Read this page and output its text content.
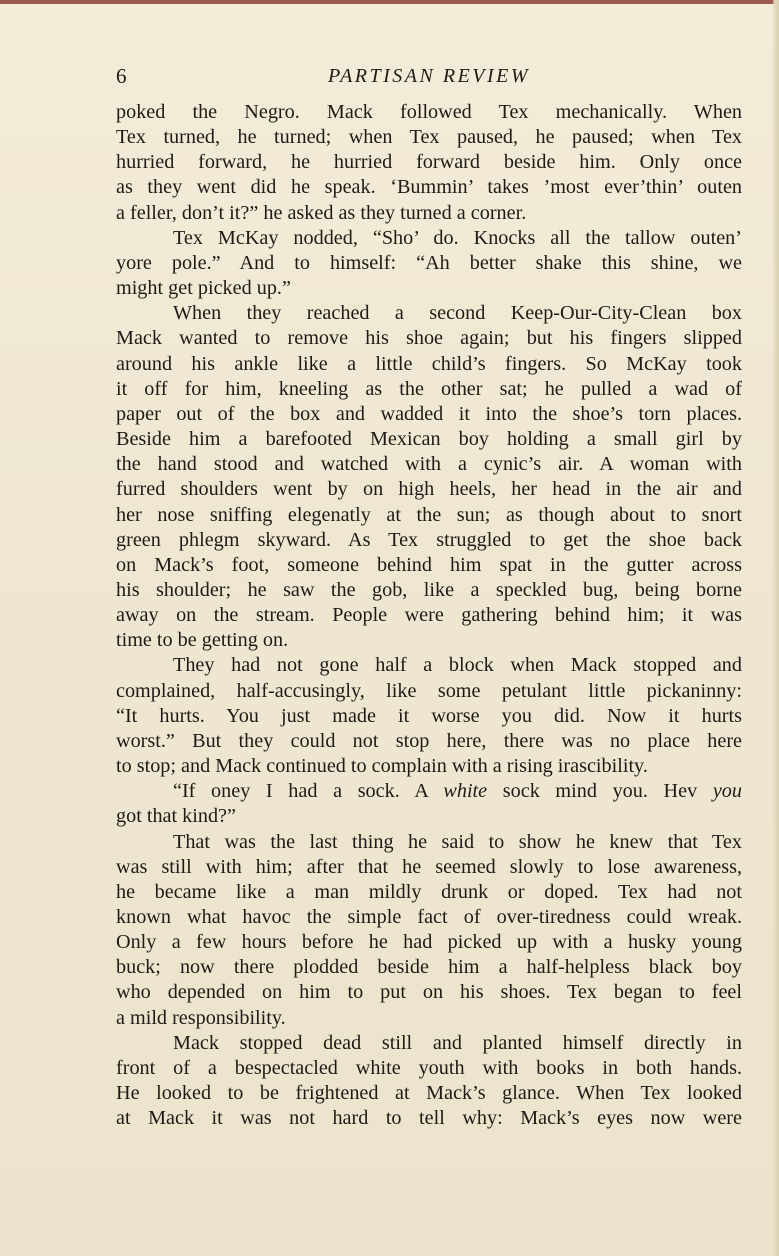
6	PARTISAN REVIEW
poked the Negro. Mack followed Tex mechanically. When
Tex turned, he turned; when Tex paused, he paused; when Tex
hurried forward, he hurried forward beside him. Only once
as they went did he speak. ‘Bummin’ takes ’most ever’thin’ outen
a feller, don’t it?” he asked as they turned a corner.
Tex McKay nodded, “Sho’ do. Knocks all the tallow outen’
yore pole.” And to himself: “Ah better shake this shine, we
might get picked up.”
When they reached a second Keep-Our-City-Clean box
Mack wanted to remove his shoe again; but his fingers slipped
around his ankle like a little child’s fingers. So McKay took
it off for him, kneeling as the other sat; he pulled a wad of
paper out of the box and wadded it into the shoe’s torn places.
Beside him a barefooted Mexican boy holding a small girl by
the hand stood and watched with a cynic’s air. A woman with
furred shoulders went by on high heels, her head in the air and
her nose sniffing elegenatly at the sun; as though about to snort
green phlegm skyward. As Tex struggled to get the shoe back
on Mack’s foot, someone behind him spat in the gutter across
his shoulder; he saw the gob, like a speckled bug, being borne
away on the stream. People were gathering behind him; it was
time to be getting on.
They had not gone half a block when Mack stopped and
complained, half-accusingly, like some petulant little pickaninny:
“It hurts. You just made it worse you did. Now it hurts
worst.” But they could not stop here, there was no place here
to stop; and Mack continued to complain with a rising irascibility.
“If oney I had a sock. A white sock mind you. Hev you
got that kind?”
That was the last thing he said to show he knew that Tex
was still with him; after that he seemed slowly to lose awareness,
he became like a man mildly drunk or doped. Tex had not
known what havoc the simple fact of over-tiredness could wreak.
Only a few hours before he had picked up with a husky young
buck; now there plodded beside him a half-helpless black boy
who depended on him to put on his shoes. Tex began to feel
a mild responsibility.
Mack stopped dead still and planted himself directly in
front of a bespectacled white youth with books in both hands.
He looked to be frightened at Mack’s glance. When Tex looked
at Mack it was not hard to tell why: Mack’s eyes now were
